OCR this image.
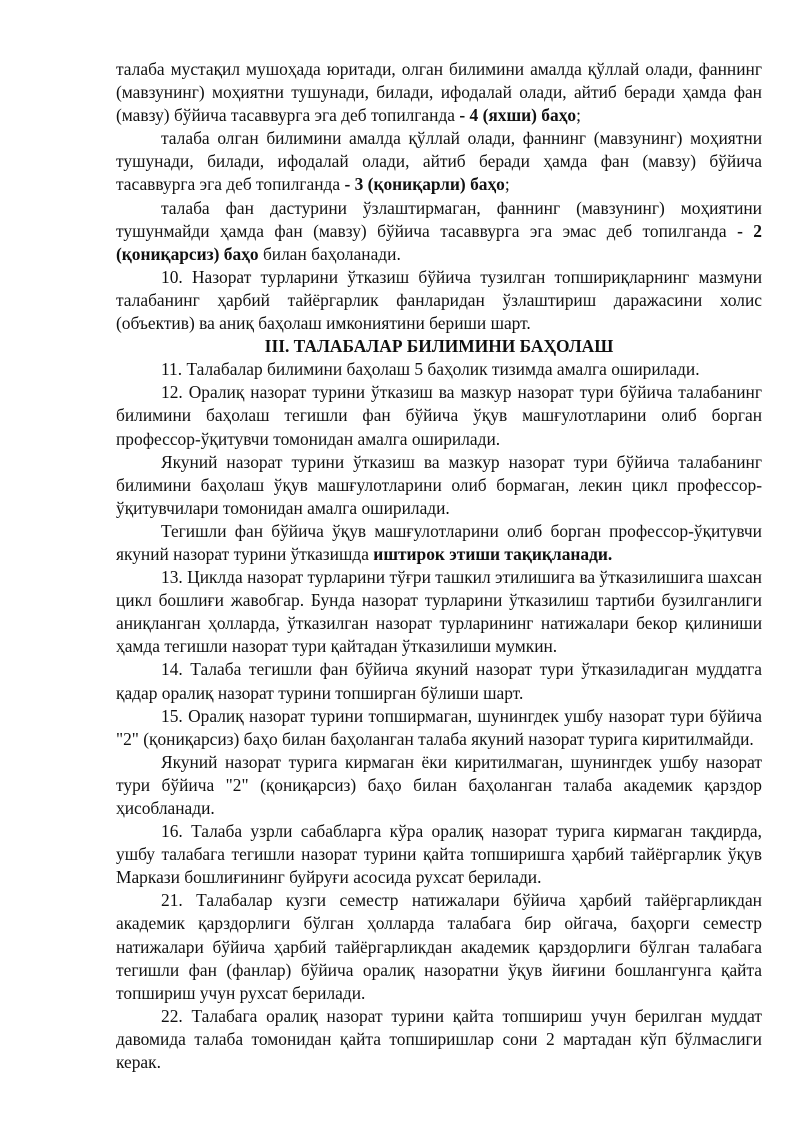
талаба мустақил мушоҳада юритади, олган билимини амалда қўллай олади, фаннинг (мавзунинг) моҳиятни тушунади, билади, ифодалай олади, айтиб беради ҳамда фан (мавзу) бўйича тасаввурга эга деб топилганда - 4 (яхши) баҳо;

талаба олган билимини амалда қўллай олади, фаннинг (мавзунинг) моҳиятни тушунади, билади, ифодалай олади, айтиб беради ҳамда фан (мавзу) бўйича тасаввурга эга деб топилганда - 3 (қониқарли) баҳо;

талаба фан дастурини ўзлаштирмаган, фаннинг (мавзунинг) моҳиятини тушунмайди ҳамда фан (мавзу) бўйича тасаввурга эга эмас деб топилганда - 2 (қониқарсиз) баҳо билан баҳоланади.

10. Назорат турларини ўтказиш бўйича тузилган топшириқларнинг мазмуни талабанинг ҳарбий тайёргарлик фанларидан ўзлаштириш даражасини холис (объектив) ва аниқ баҳолаш имкониятини бериши шарт.

III. ТАЛАБАЛАР БИЛИМИНИ БАҲОЛАШ

11. Талабалар билимини баҳолаш 5 баҳолик тизимда амалга оширилади.

12. Оралиқ назорат турини ўтказиш ва мазкур назорат тури бўйича талабанинг билимини баҳолаш тегишли фан бўйича ўқув машғулотларини олиб борган профессор-ўқитувчи томонидан амалга оширилади.

Якуний назорат турини ўтказиш ва мазкур назорат тури бўйича талабанинг билимини баҳолаш ўқув машғулотларини олиб бормаган, лекин цикл профессор-ўқитувчилари томонидан амалга оширилади.

Тегишли фан бўйича ўқув машғулотларини олиб борган профессор-ўқитувчи якуний назорат турини ўтказишда иштирок этиши тақиқланади.

13. Циклда назорат турларини тўғри ташкил этилишига ва ўтказилишига шахсан цикл бошлиғи жавобгар. Бунда назорат турларини ўтказилиш тартиби бузилганлиги аниқланган ҳолларда, ўтказилган назорат турларининг натижалари бекор қилиниши ҳамда тегишли назорат тури қайтадан ўтказилиши мумкин.

14. Талаба тегишли фан бўйича якуний назорат тури ўтказиладиган муддатга қадар оралиқ назорат турини топширган бўлиши шарт.

15. Оралиқ назорат турини топширмаган, шунингдек ушбу назорат тури бўйича "2" (қониқарсиз) баҳо билан баҳоланган талаба якуний назорат турига киритилмайди.

Якуний назорат турига кирмаган ёки киритилмаган, шунингдек ушбу назорат тури бўйича "2" (қониқарсиз) баҳо билан баҳоланган талаба академик қарздор ҳисобланади.

16. Талаба узрли сабабларга кўра оралиқ назорат турига кирмаган тақдирда, ушбу талабага тегишли назорат турини қайта топширишга ҳарбий тайёргарлик ўқув Маркази бошлиғининг буйруғи асосида рухсат берилади.

21. Талабалар кузги семестр натижалари бўйича ҳарбий тайёргарликдан академик қарздорлиги бўлган ҳолларда талабага бир ойгача, баҳорги семестр натижалари бўйича ҳарбий тайёргарликдан академик қарздорлиги бўлган талабага тегишли фан (фанлар) бўйича оралиқ назоратни ўқув йиғини бошлангунга қайта топшириш учун рухсат берилади.

22. Талабага оралиқ назорат турини қайта топшириш учун берилган муддат давомида талаба томонидан қайта топширишлар сони 2 мартадан кўп бўлмаслиги керак.
